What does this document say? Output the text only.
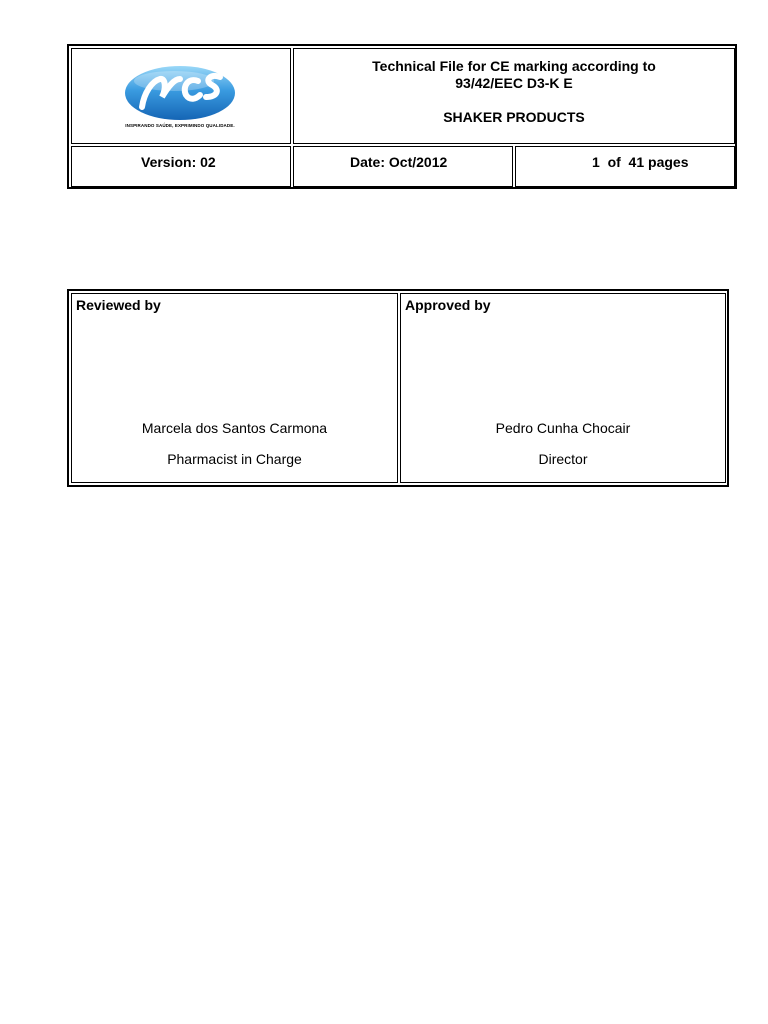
INSPIRANDO SAÚDE, EXPRIMINDO QUALIDADE.
Technical File for CE marking according to
93/42/EEC D3-K E
SHAKER PRODUCTS
Version: 02	Date: Oct/2012	1  of  41 pages
Reviewed by
Marcela dos Santos Carmona
Pharmacist in Charge
Approved by
Pedro Cunha Chocair
Director
